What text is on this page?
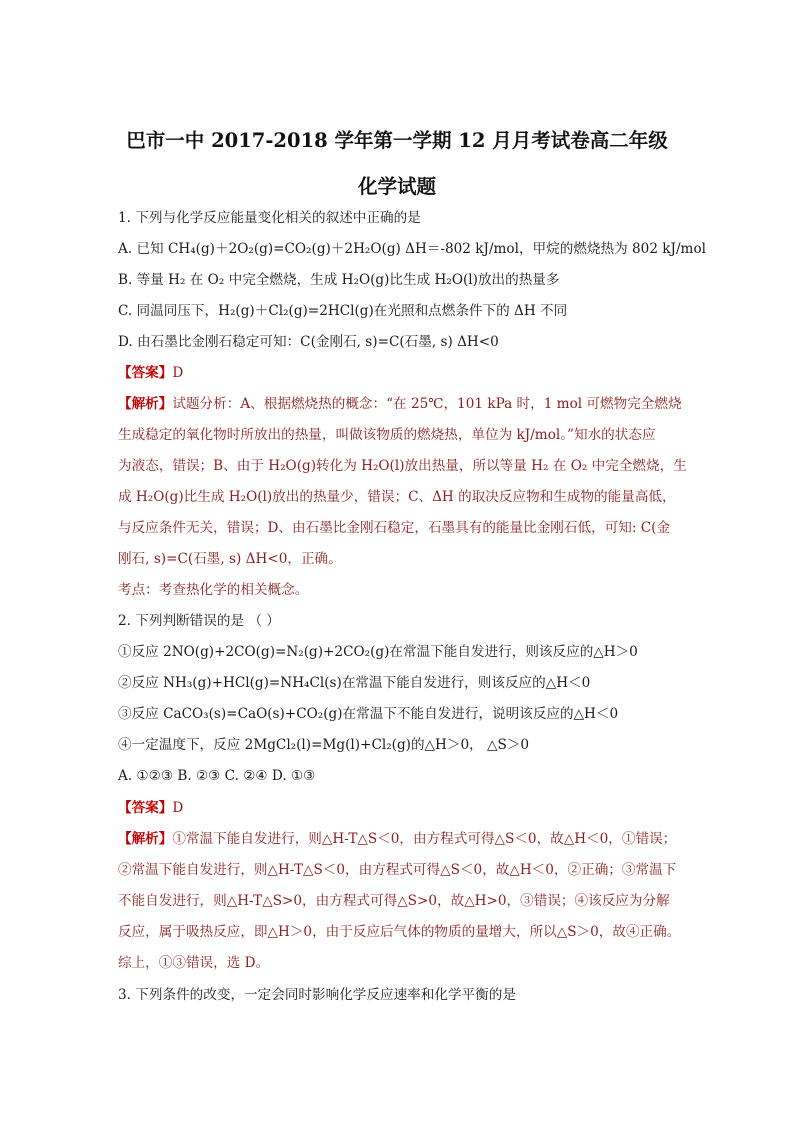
巴市一中 2017-2018 学年第一学期 12 月月考试卷高二年级
化学试题
1. 下列与化学反应能量变化相关的叙述中正确的是
A. 已知 CH₄(g)＋2O₂(g)=CO₂(g)＋2H₂O(g) ΔH＝-802 kJ/mol，甲烷的燃烧热为 802 kJ/mol
B. 等量 H₂ 在 O₂ 中完全燃烧，生成 H₂O(g)比生成 H₂O(l)放出的热量多
C. 同温同压下，H₂(g)＋Cl₂(g)=2HCl(g)在光照和点燃条件下的 ΔH 不同
D. 由石墨比金刚石稳定可知：C(金刚石, s)=C(石墨, s) ΔH<0
【答案】D
【解析】试题分析：A、根据燃烧热的概念：“在 25℃，101 kPa 时，1 mol 可燃物完全燃烧
生成稳定的氧化物时所放出的热量，叫做该物质的燃烧热，单位为 kJ/mol。”知水的状态应
为液态，错误；B、由于 H₂O(g)转化为 H₂O(l)放出热量，所以等量 H₂ 在 O₂ 中完全燃烧，生
成 H₂O(g)比生成 H₂O(l)放出的热量少，错误；C、ΔH 的取决反应物和生成物的能量高低，
与反应条件无关，错误；D、由石墨比金刚石稳定，石墨具有的能量比金刚石低，可知: C(金
刚石, s)=C(石墨, s) ΔH<0，正确。
考点：考查热化学的相关概念。
2. 下列判断错误的是 （ ）
①反应 2NO(g)+2CO(g)=N₂(g)+2CO₂(g)在常温下能自发进行，则该反应的△H＞0
②反应 NH₃(g)+HCl(g)=NH₄Cl(s)在常温下能自发进行，则该反应的△H＜0
③反应 CaCO₃(s)=CaO(s)+CO₂(g)在常温下不能自发进行，说明该反应的△H＜0
④一定温度下，反应 2MgCl₂(l)=Mg(l)+Cl₂(g)的△H＞0， △S＞0
A. ①②③ B. ②③ C. ②④ D. ①③
【答案】D
【解析】①常温下能自发进行，则△H-T△S＜0，由方程式可得△S＜0，故△H＜0，①错误；
②常温下能自发进行，则△H-T△S＜0，由方程式可得△S＜0，故△H＜0，②正确；③常温下
不能自发进行，则△H-T△S>0，由方程式可得△S>0，故△H>0，③错误；④该反应为分解
反应，属于吸热反应，即△H＞0，由于反应后气体的物质的量增大，所以△S＞0，故④正确。
综上，①③错误，选 D。
3. 下列条件的改变，一定会同时影响化学反应速率和化学平衡的是
